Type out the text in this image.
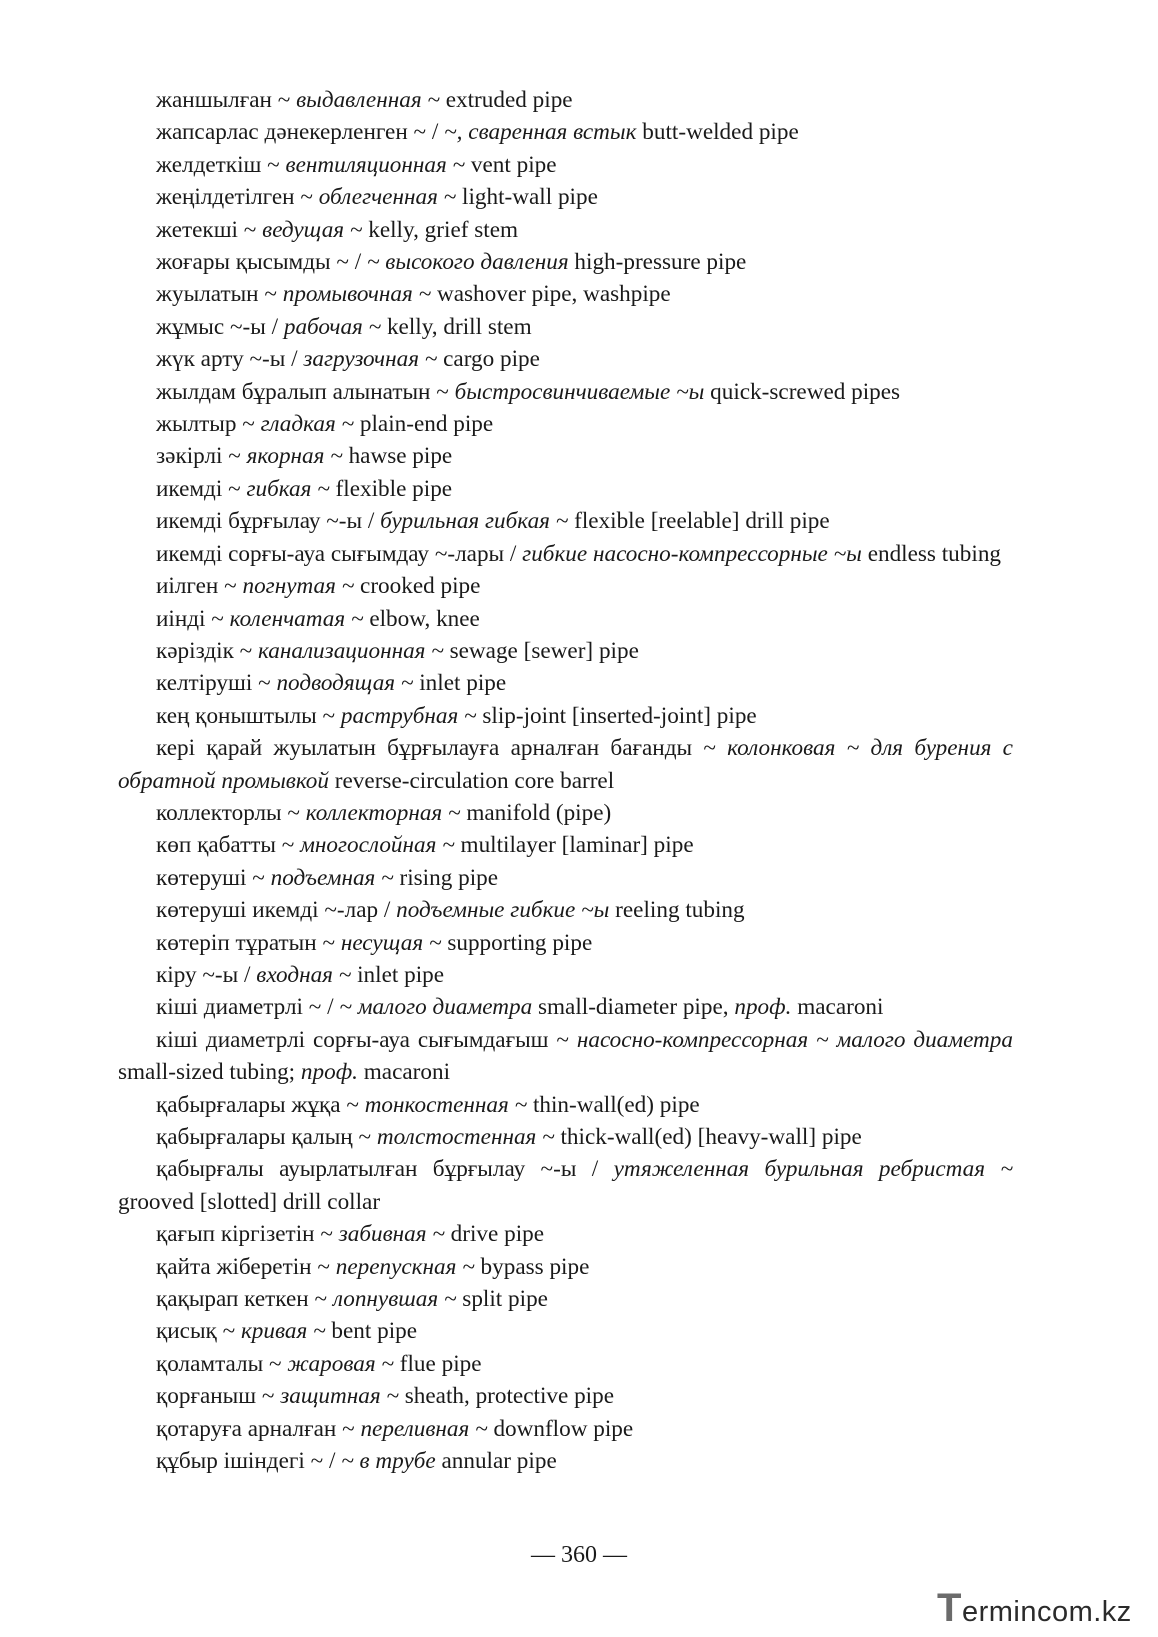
жаншылған ~ выдавленная ~ extruded pipe
жапсарлас дәнекерленген ~ / ~, сваренная встык butt-welded pipe
желдеткіш ~ вентиляционная ~ vent pipe
жеңілдетілген ~ облегченная ~ light-wall pipe
жетекші ~ ведущая ~ kelly, grief stem
жоғары қысымды ~ / ~ высокого давления high-pressure pipe
жуылатын ~ промывочная ~ washover pipe, washpipe
жұмыс ~-ы / рабочая ~ kelly, drill stem
жүк арту ~-ы / загрузочная ~ cargo pipe
жылдам бұралып алынатын ~ быстросвинчиваемые ~ы quick-screwed pipes
жылтыр ~ гладкая ~ plain-end pipe
зәкірлі ~ якорная ~ hawse pipe
икемді ~ гибкая ~ flexible pipe
икемді бұрғылау ~-ы / бурильная гибкая ~ flexible [reelable] drill pipe
икемді сорғы-ауа сығымдау ~-лары / гибкие насосно-компрессорные ~ы endless tubing
иілген ~ погнутая ~ crooked pipe
иінді ~ коленчатая ~ elbow, knee
кәріздік ~ канализационная ~ sewage [sewer] pipe
келтіруші ~ подводящая ~ inlet pipe
кең қоныштылы ~ раструбная ~ slip-joint [inserted-joint] pipe
кері қарай жуылатын бұрғылауға арналған бағанды ~ колонковая ~ для бурения с обратной промывкой reverse-circulation core barrel
коллекторлы ~ коллекторная ~ manifold (pipe)
көп қабатты ~ многослойная ~ multilayer [laminar] pipe
көтеруші ~ подъемная ~ rising pipe
көтеруші икемді ~-лар / подъемные гибкие ~ы reeling tubing
көтеріп тұратын ~ несущая ~ supporting pipe
кіру ~-ы / входная ~ inlet pipe
кіші диаметрлі ~ / ~ малого диаметра small-diameter pipe, проф. macaroni
кіші диаметрлі сорғы-ауа сығымдағыш ~ насосно-компрессорная ~ малого диаметра small-sized tubing; проф. macaroni
қабырғалары жұқа ~ тонкостенная ~ thin-wall(ed) pipe
қабырғалары қалың ~ толстостенная ~ thick-wall(ed) [heavy-wall] pipe
қабырғалы ауырлатылған бұрғылау ~-ы / утяжеленная бурильная ребристая ~ grooved [slotted] drill collar
қағып кіргізетін ~ забивная ~ drive pipe
қайта жіберетін ~ перепускная ~ bypass pipe
қақырап кеткен ~ лопнувшая ~ split pipe
қисық ~ кривая ~ bent pipe
қоламталы ~ жаровая ~ flue pipe
қорғаныш ~ защитная ~ sheath, protective pipe
қотаруға арналған ~ переливная ~ downflow pipe
құбыр ішіндегі ~ / ~ в трубе annular pipe
— 360 —
Termincom.kz
